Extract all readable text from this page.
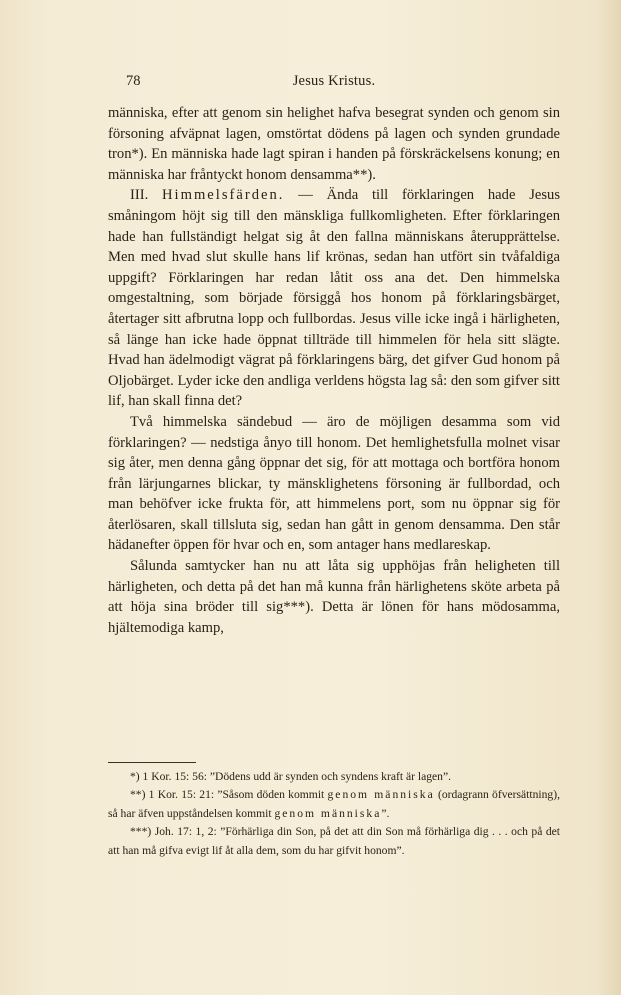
78	Jesus Kristus.

människa, efter att genom sin helighet hafva besegrat synden och genom sin försoning afväpnat lagen, omstörtat dödens på lagen och synden grundade tron*). En människa hade lagt spiran i handen på förskräckelsens konung; en människa har fråntyckt honom densamma**).

III. Himmelsfärden. — Ända till förklaringen hade Jesus småningom höjt sig till den mänskliga fullkomligheten. Efter förklaringen hade han fullständigt helgat sig åt den fallna människans återupprättelse. Men med hvad slut skulle hans lif krönas, sedan han utfört sin tvåfaldiga uppgift? Förklaringen har redan låtit oss ana det. Den himmelska omgestaltning, som började försiggå hos honom på förklaringsbärget, återtager sitt afbrutna lopp och fullbordas. Jesus ville icke ingå i härligheten, så länge han icke hade öppnat tillträde till himmelen för hela sitt slägte. Hvad han ädelmodigt vägrat på förklaringens bärg, det gifver Gud honom på Oljobärget. Lyder icke den andliga verldens högsta lag så: den som gifver sitt lif, han skall finna det?

Två himmelska sändebud — äro de möjligen desamma som vid förklaringen? — nedstiga ånyo till honom. Det hemlighetsfulla molnet visar sig åter, men denna gång öppnar det sig, för att mottaga och bortföra honom från lärjungarnes blickar, ty mänsklighetens försoning är fullbordad, och man behöfver icke frukta för, att himmelens port, som nu öppnar sig för återlösaren, skall tillsluta sig, sedan han gått in genom densamma. Den står hädanefter öppen för hvar och en, som antager hans medlareskap.

Sålunda samtycker han nu att låta sig upphöjas från heligheten till härligheten, och detta på det han må kunna från härlighetens sköte arbeta på att höja sina bröder till sig***). Detta är lönen för hans mödosamma, hjältemodiga kamp,

*) 1 Kor. 15: 56: ”Dödens udd är synden och syndens kraft är lagen”.

**) 1 Kor. 15: 21: ”Såsom döden kommit genom människa (ordagrann öfversättning), så har äfven uppståndelsen kommit genom människa”.

***) Joh. 17: 1, 2: ”Förhärliga din Son, på det att din Son må förhärliga dig . . . och på det att han må gifva evigt lif åt alla dem, som du har gifvit honom”.
